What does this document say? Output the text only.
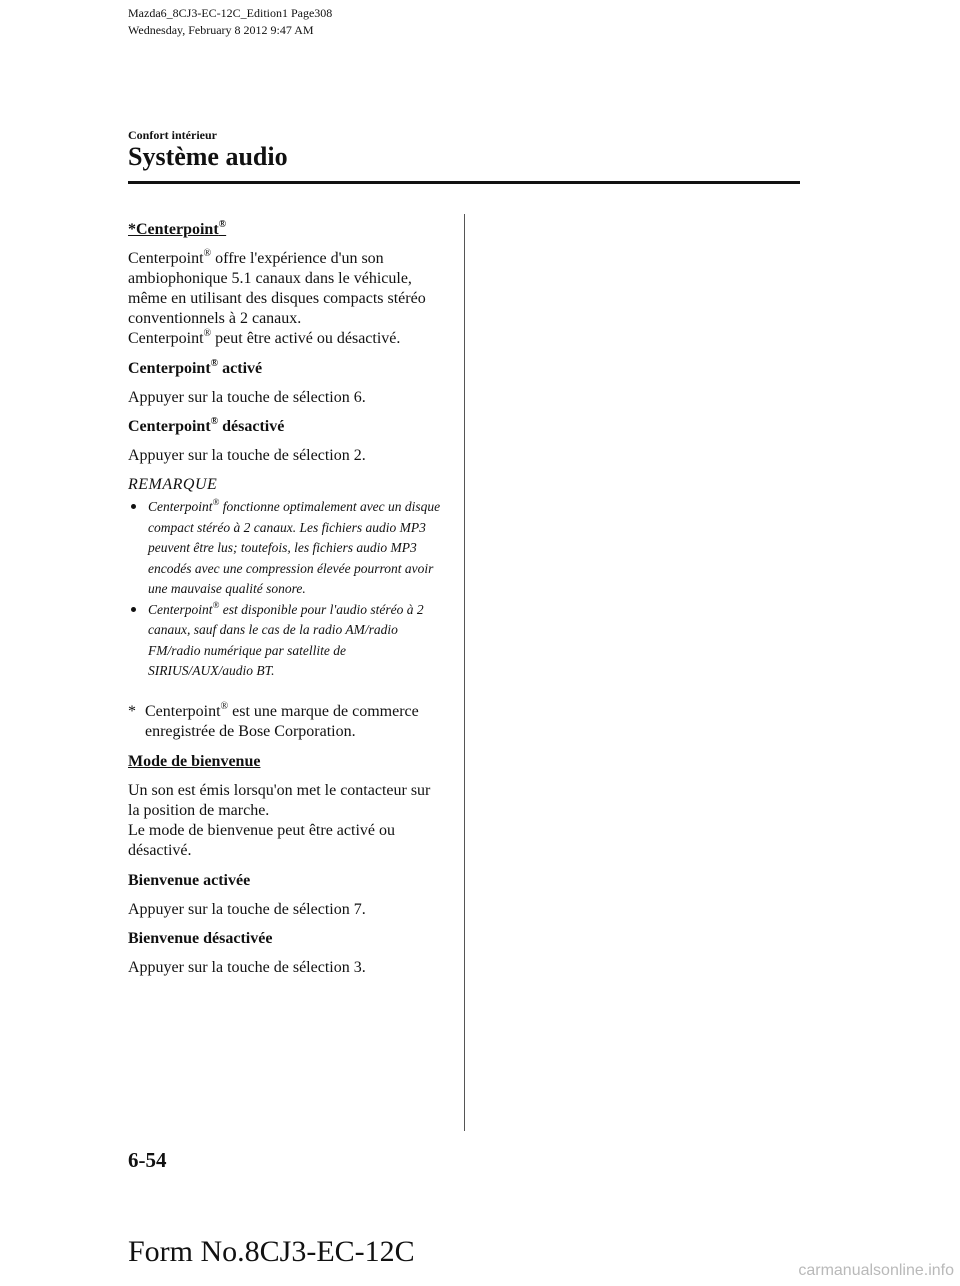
Mazda6_8CJ3-EC-12C_Edition1 Page308
Wednesday, February 8 2012 9:47 AM
Confort intérieur
Système audio

*Centerpoint®

Centerpoint® offre l'expérience d'un son ambiophonique 5.1 canaux dans le véhicule, même en utilisant des disques compacts stéréo conventionnels à 2 canaux.

Centerpoint® peut être activé ou désactivé.

Centerpoint® activé

Appuyer sur la touche de sélection 6.

Centerpoint® désactivé

Appuyer sur la touche de sélection 2.

REMARQUE

Centerpoint® fonctionne optimalement avec un disque compact stéréo à 2 canaux. Les fichiers audio MP3 peuvent être lus; toutefois, les fichiers audio MP3 encodés avec une compression élevée pourront avoir une mauvaise qualité sonore.
Centerpoint® est disponible pour l'audio stéréo à 2 canaux, sauf dans le cas de la radio AM/radio FM/radio numérique par satellite de SIRIUS/AUX/audio BT.

* Centerpoint® est une marque de commerce enregistrée de Bose Corporation.

Mode de bienvenue

Un son est émis lorsqu'on met le contacteur sur la position de marche.

Le mode de bienvenue peut être activé ou désactivé.

Bienvenue activée

Appuyer sur la touche de sélection 7.

Bienvenue désactivée

Appuyer sur la touche de sélection 3.

6-54
Form No.8CJ3-EC-12C
carmanualsonline.info
